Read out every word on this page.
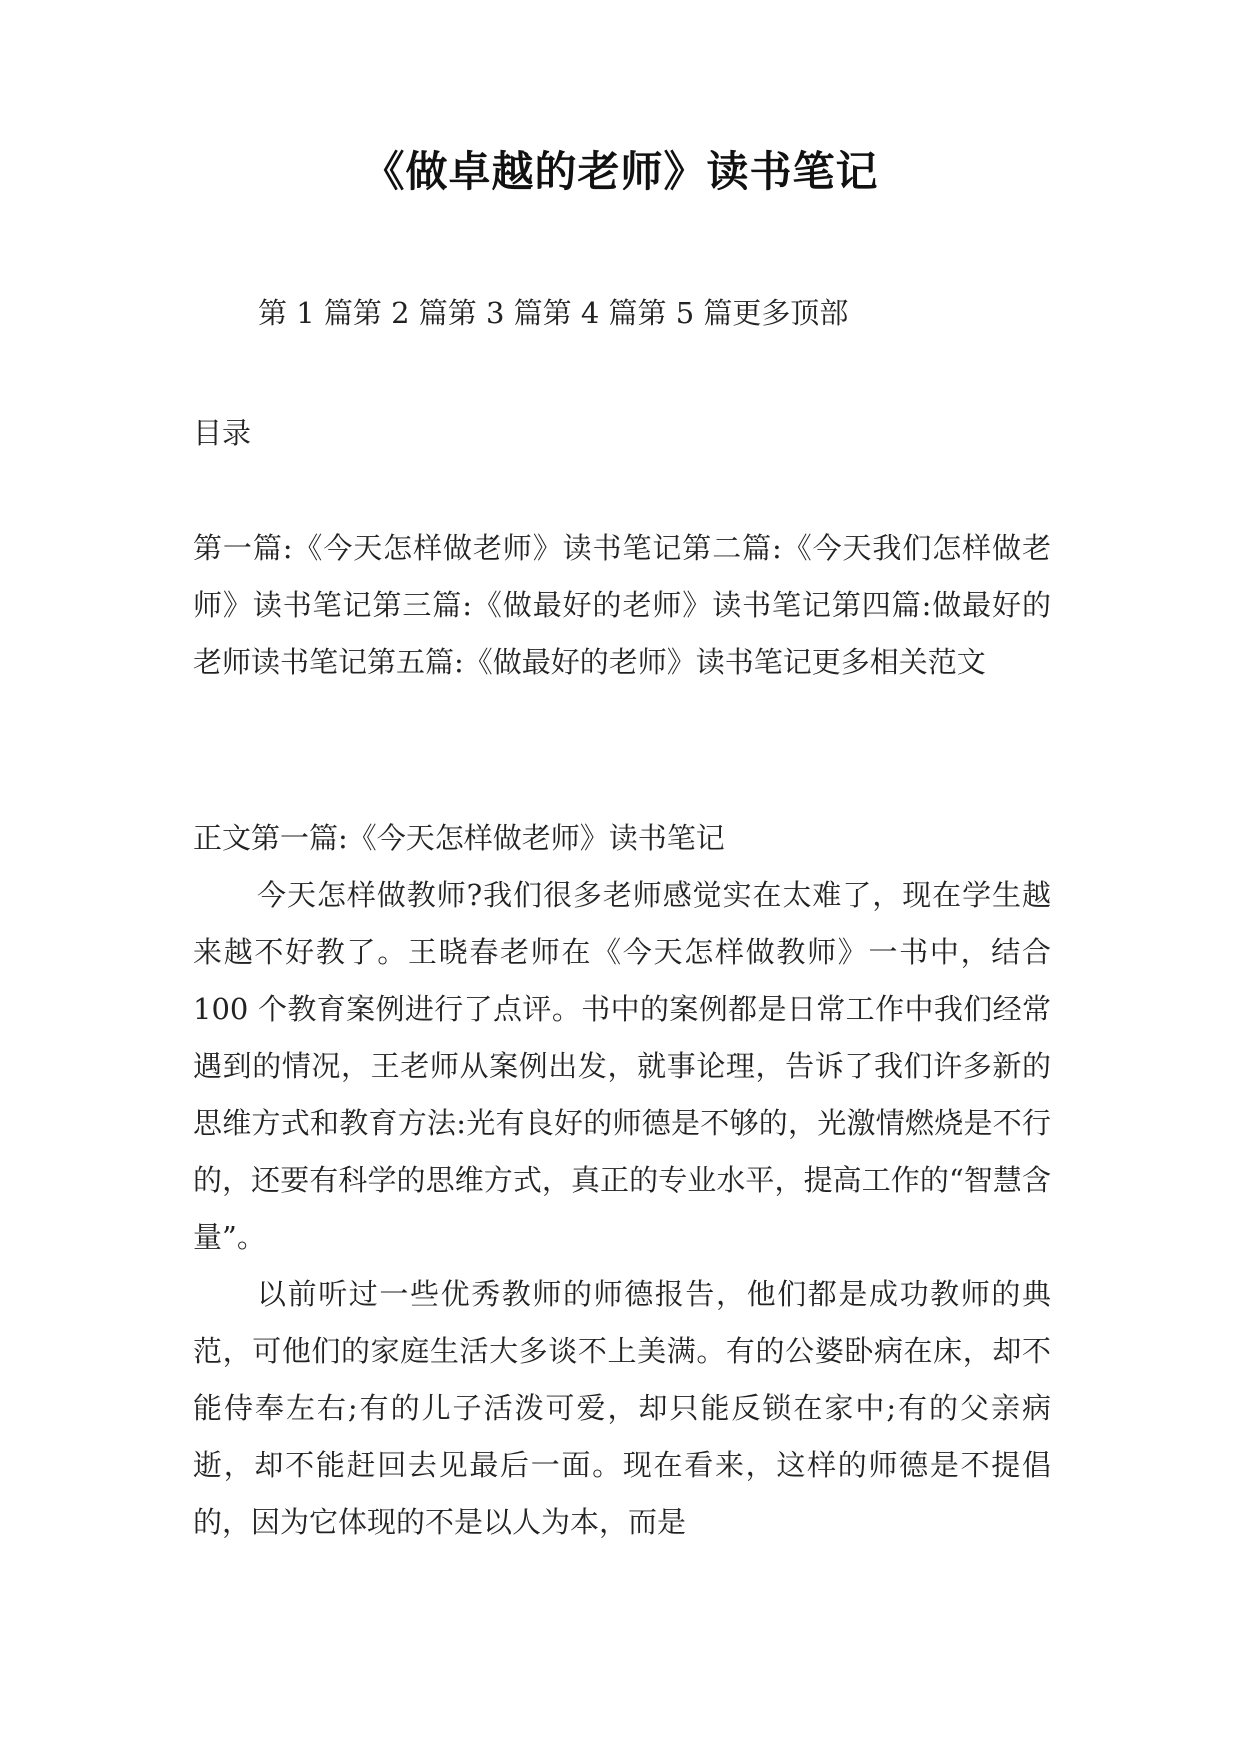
《做卓越的老师》读书笔记
第 1 篇第 2 篇第 3 篇第 4 篇第 5 篇更多顶部

目录

第一篇:《今天怎样做老师》读书笔记第二篇:《今天我们怎样做老师》读书笔记第三篇:《做最好的老师》读书笔记第四篇:做最好的老师读书笔记第五篇:《做最好的老师》读书笔记更多相关范文

正文第一篇:《今天怎样做老师》读书笔记

今天怎样做教师?我们很多老师感觉实在太难了，现在学生越来越不好教了。王晓春老师在《今天怎样做教师》一书中，结合 100 个教育案例进行了点评。书中的案例都是日常工作中我们经常遇到的情况，王老师从案例出发，就事论理，告诉了我们许多新的思维方式和教育方法:光有良好的师德是不够的，光激情燃烧是不行的，还要有科学的思维方式，真正的专业水平，提高工作的“智慧含量”。

以前听过一些优秀教师的师德报告，他们都是成功教师的典范，可他们的家庭生活大多谈不上美满。有的公婆卧病在床，却不能侍奉左右;有的儿子活泼可爱，却只能反锁在家中;有的父亲病逝，却不能赶回去见最后一面。现在看来，这样的师德是不提倡的，因为它体现的不是以人为本，而是
